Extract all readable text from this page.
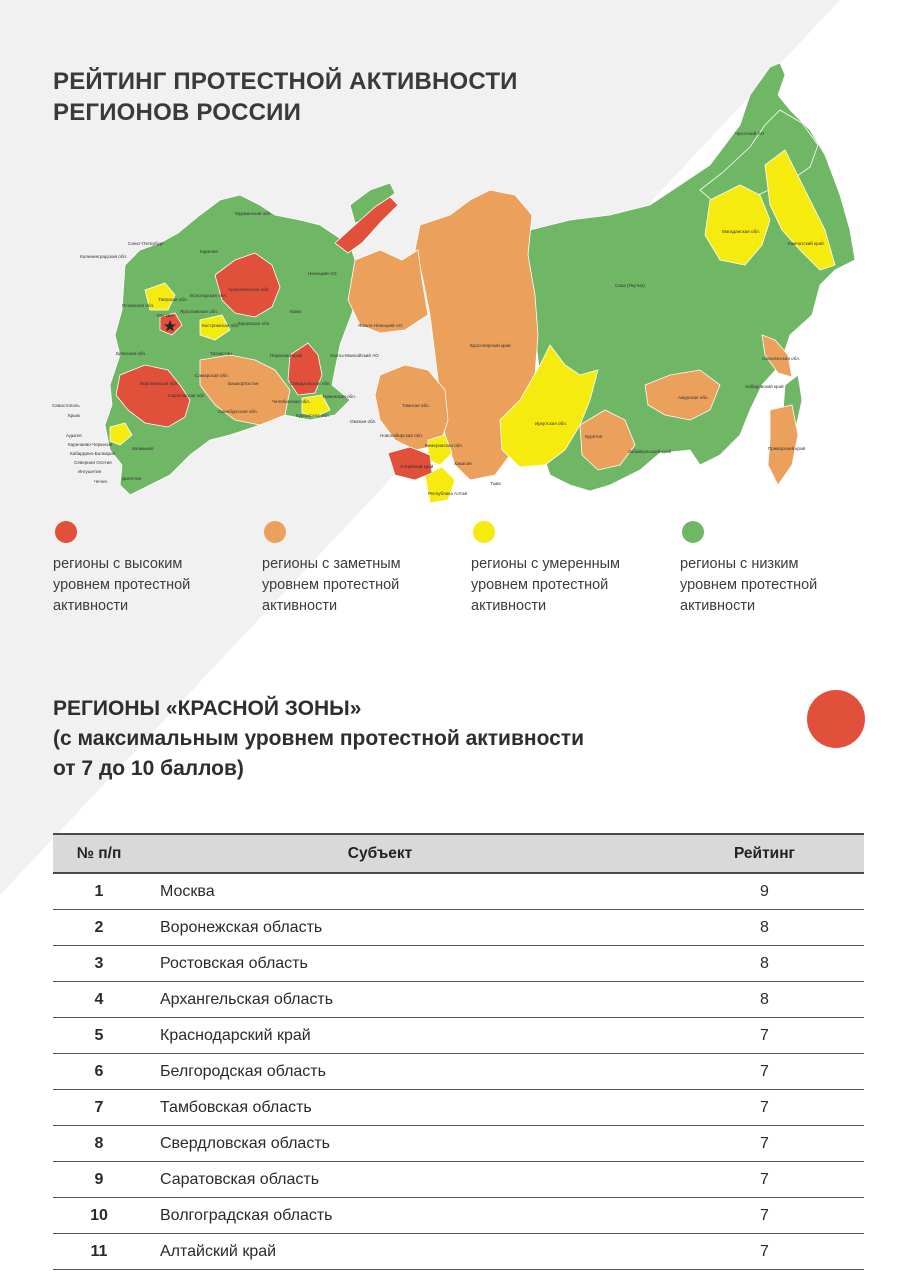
РЕЙТИНГ ПРОТЕСТНОЙ АКТИВНОСТИ
РЕГИОНОВ РОССИИ
Чукотский АО
Магаданская обл.
Камчатский край
Саха (Якутия)
Красноярский край
Ямало-Ненецкий АО
Ханты-Мансийский АО
Иркутская обл.
Амурская обл.
Хабаровский край
Приморский край
Сахалинская обл.
Забайкальский край
Бурятия
Томская обл.
Новосибирская обл.
Кемеровская обл.
Омская обл.
Алтайский край
Республика Алтай
Тыва
Хакасия
Архангельская обл.
Мурманская обл.
Карелия
Коми
Ненецкий АО
Пермский край
Свердловская обл.
Тюменская обл.
Курганская обл.
Челябинская обл.
Оренбургская обл.
Москва
Санкт-Петербург
Калининградская обл.
Псковская обл.
Тверская обл.
Вологодская обл.
Ярославская обл.
Костромская обл.
Кировская обл.
Брянская обл.
Воронежская обл.
Саратовская обл.
Самарская обл.
Башкортостан
Татарстан
Севастополь
Крым
Адыгея
Карачаево-Черкесия
Кабардино-Балкария
Северная Осетия
Ингушетия
Чечня
Дагестан
Калмыкия
регионы с высоким
уровнем протестной
активности
регионы с заметным
уровнем протестной
активности
регионы с умеренным
уровнем протестной
активности
регионы с низким
уровнем протестной
активности
РЕГИОНЫ «КРАСНОЙ ЗОНЫ»
(с максимальным уровнем протестной активности
от 7 до 10 баллов)
№ п/п	Субъект	Рейтинг
1	Москва	9
2	Воронежская область	8
3	Ростовская область	8
4	Архангельская область	8
5	Краснодарский край	7
6	Белгородская область	7
7	Тамбовская область	7
8	Свердловская область	7
9	Саратовская область	7
10	Волгоградская область	7
11	Алтайский край	7
